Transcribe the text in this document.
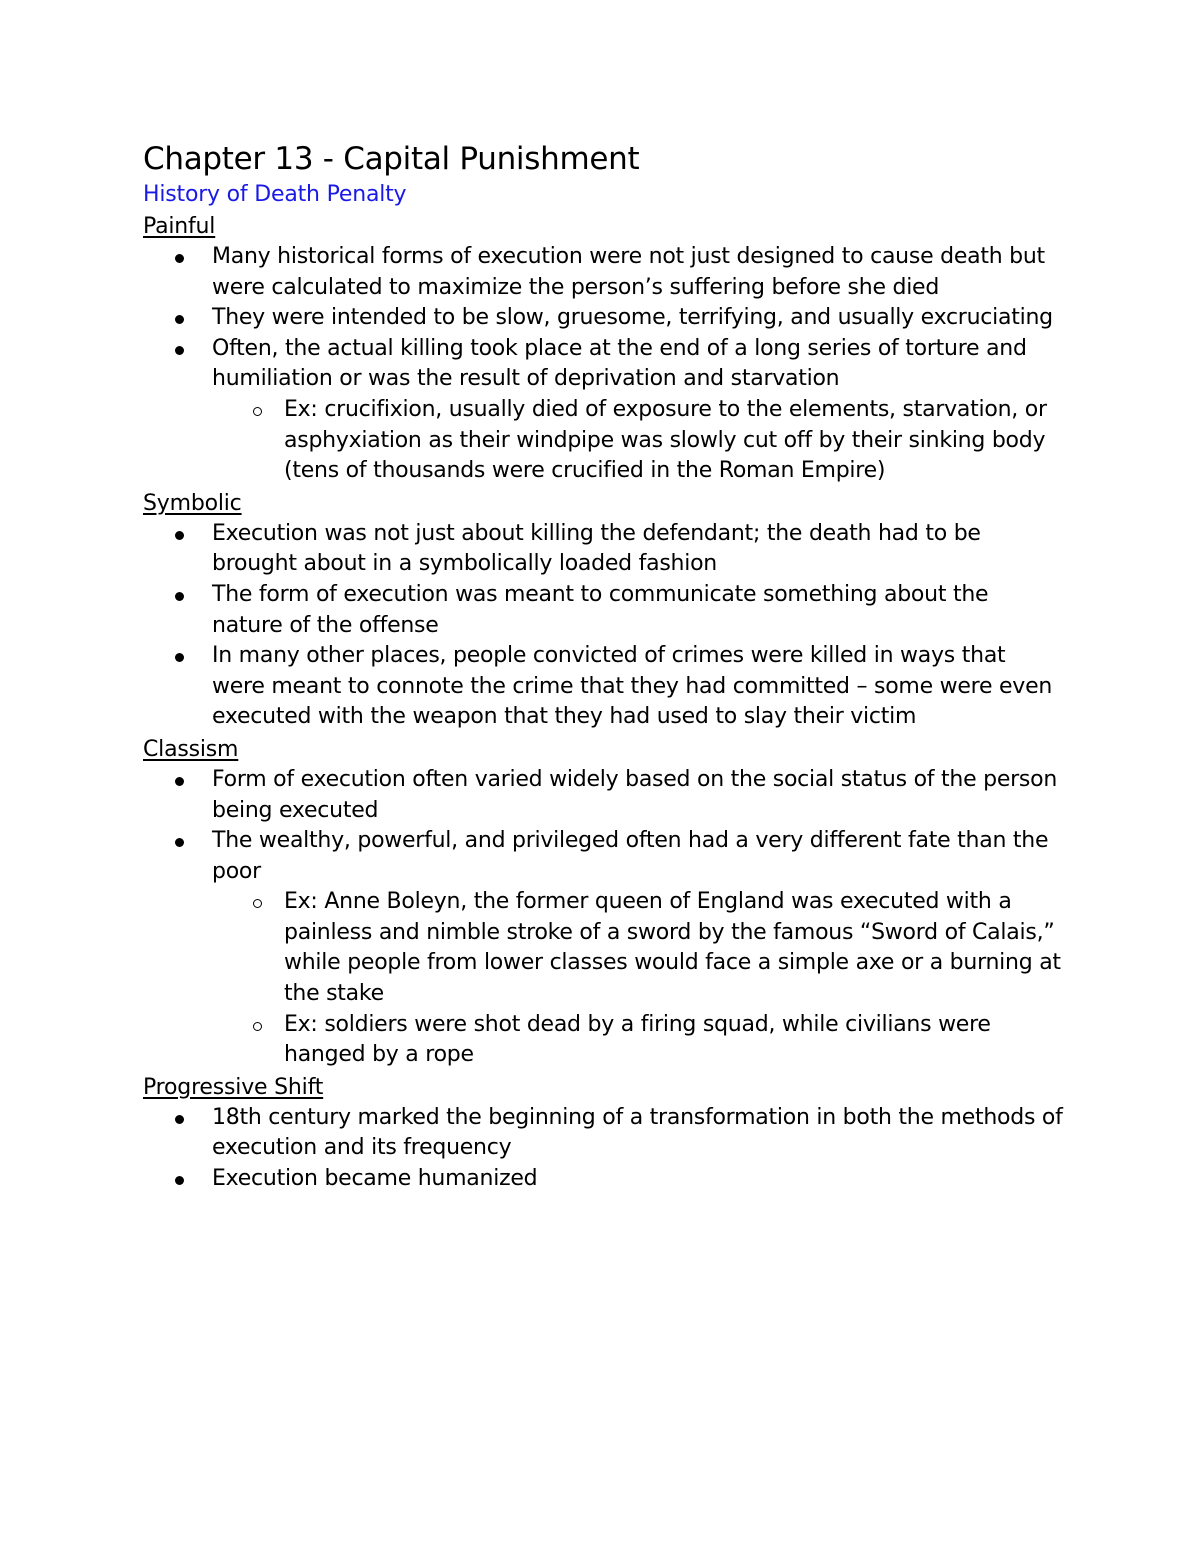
Chapter 13 - Capital Punishment
History of Death Penalty
Painful
Many historical forms of execution were not just designed to cause death but were calculated to maximize the person’s suffering before she died
They were intended to be slow, gruesome, terrifying, and usually excruciating
Often, the actual killing took place at the end of a long series of torture and humiliation or was the result of deprivation and starvation
Ex: crucifixion, usually died of exposure to the elements, starvation, or asphyxiation as their windpipe was slowly cut off by their sinking body (tens of thousands were crucified in the Roman Empire)
Symbolic
Execution was not just about killing the defendant; the death had to be brought about in a symbolically loaded fashion
The form of execution was meant to communicate something about the nature of the offense
In many other places, people convicted of crimes were killed in ways that were meant to connote the crime that they had committed – some were even executed with the weapon that they had used to slay their victim
Classism
Form of execution often varied widely based on the social status of the person being executed
The wealthy, powerful, and privileged often had a very different fate than the poor
Ex: Anne Boleyn, the former queen of England was executed with a painless and nimble stroke of a sword by the famous “Sword of Calais,” while people from lower classes would face a simple axe or a burning at the stake
Ex: soldiers were shot dead by a firing squad, while civilians were hanged by a rope
Progressive Shift
18th century marked the beginning of a transformation in both the methods of execution and its frequency
Execution became humanized
